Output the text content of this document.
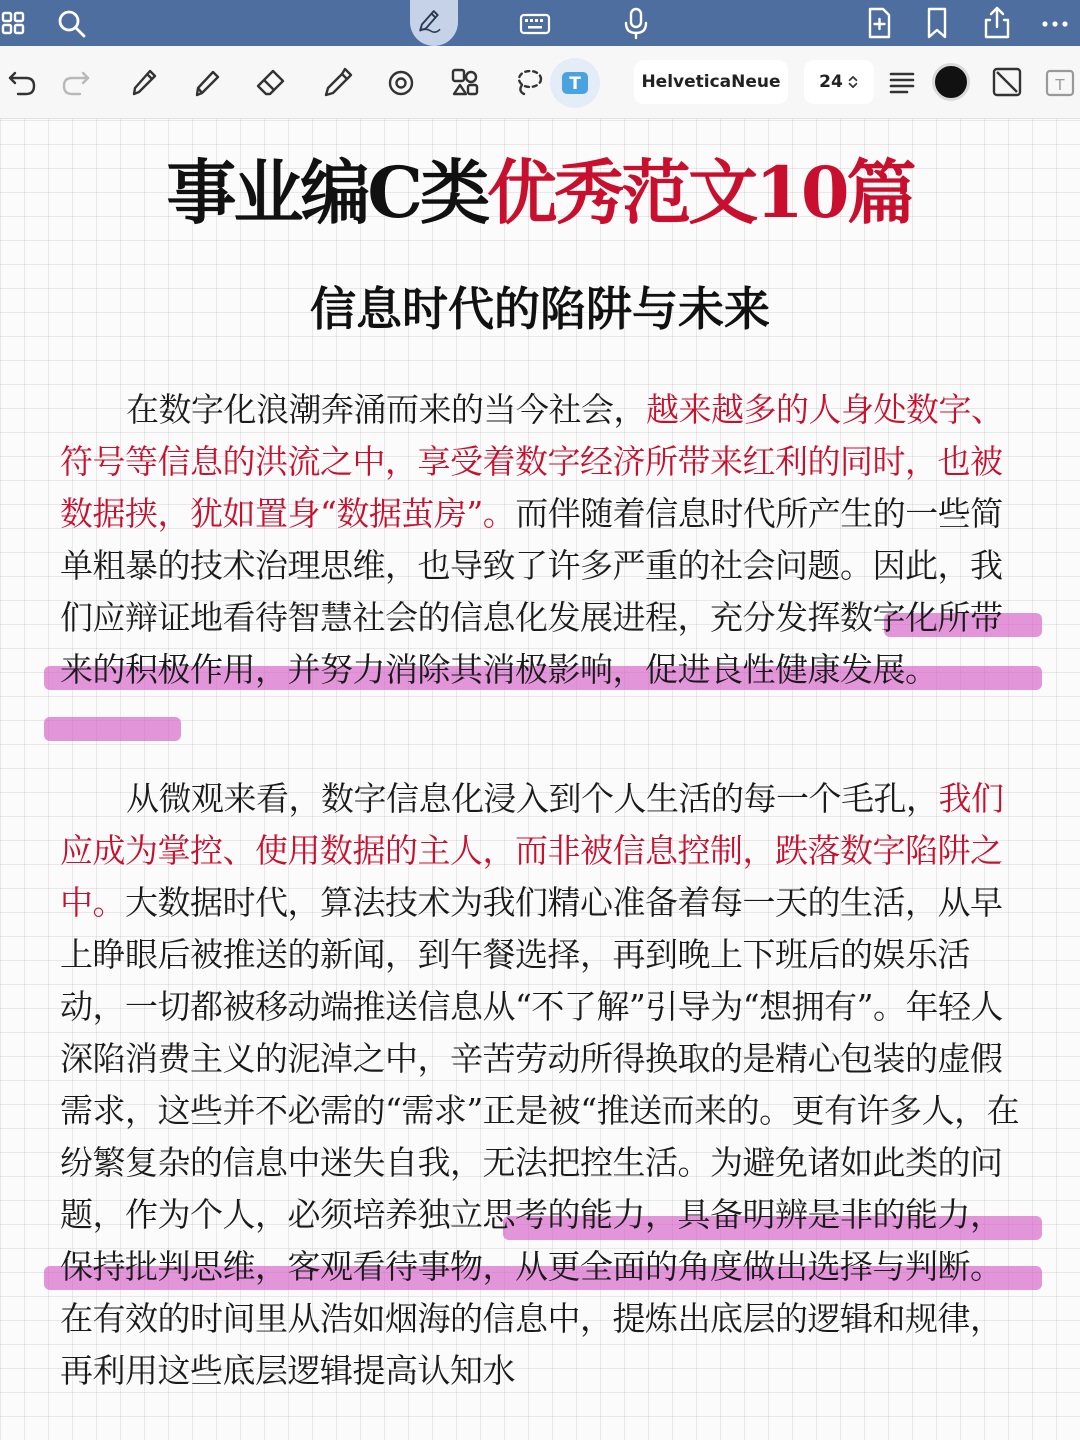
T	HelveticaNeue 24	T
事业编C类优秀范文10篇
信息时代的陷阱与未来
在数字化浪潮奔涌而来的当今社会，越来越多的人身处数字、符号等信息的洪流之中，享受着数字经济所带来红利的同时，也被数据挟，犹如置身“数据茧房”。而伴随着信息时代所产生的一些简单粗暴的技术治理思维，也导致了许多严重的社会问题。因此，我们应辩证地看待智慧社会的信息化发展进程，充分发挥数字化所带来的积极作用，并努力消除其消极影响，促进良性健康发展。
从微观来看，数字信息化浸入到个人生活的每一个毛孔，我们应成为掌控、使用数据的主人，而非被信息控制，跌落数字陷阱之中。大数据时代，算法技术为我们精心准备着每一天的生活，从早上睁眼后被推送的新闻，到午餐选择，再到晚上下班后的娱乐活动，一切都被移动端推送信息从“不了解”引导为“想拥有”。年轻人深陷消费主义的泥淖之中，辛苦劳动所得换取的是精心包装的虚假需求，这些并不必需的“需求”正是被“推送而来的。更有许多人，在纷繁复杂的信息中迷失自我，无法把控生活。为避免诸如此类的问题，作为个人，必须培养独立思考的能力，具备明辨是非的能力，保持批判思维，客观看待事物，从更全面的角度做出选择与判断。在有效的时间里从浩如烟海的信息中，提炼出底层的逻辑和规律，再利用这些底层逻辑提高认知水
